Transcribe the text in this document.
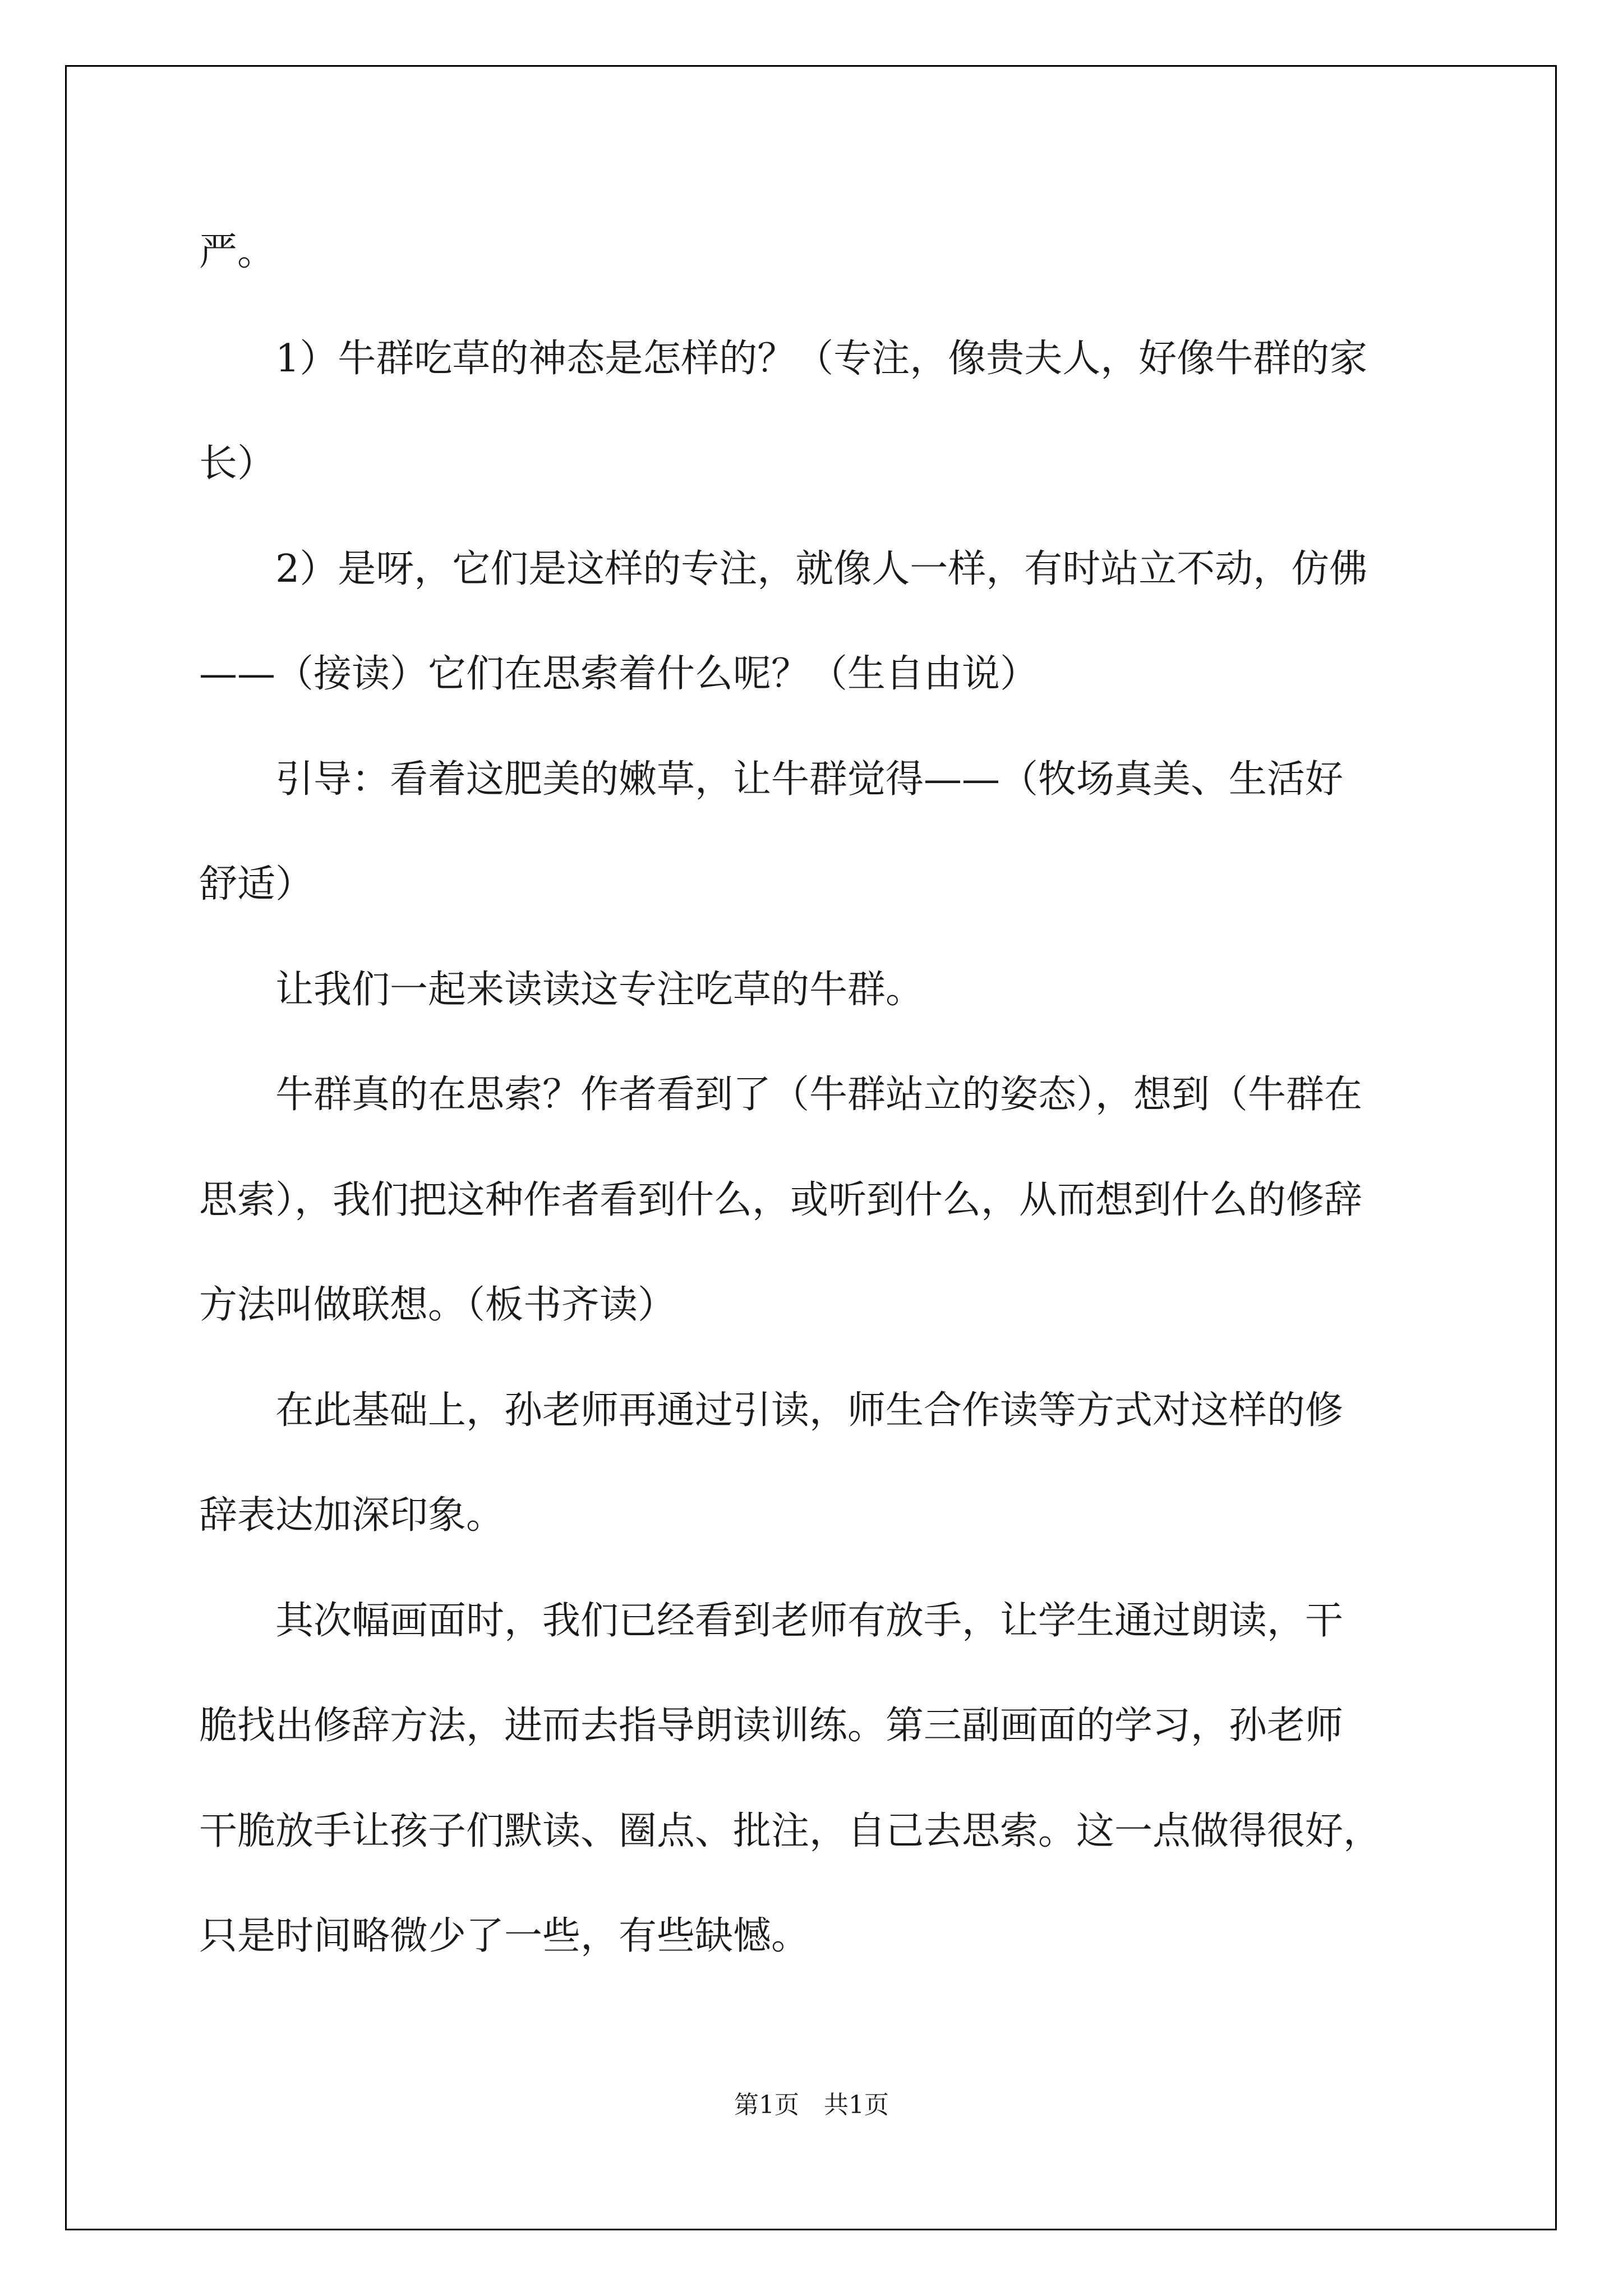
严。
　　1）牛群吃草的神态是怎样的？（专注，像贵夫人，好像牛群的家
长）
　　2）是呀，它们是这样的专注，就像人一样，有时站立不动，仿佛
——（接读）它们在思索着什么呢？（生自由说）
　　引导：看着这肥美的嫩草，让牛群觉得——（牧场真美、生活好
舒适）
　　让我们一起来读读这专注吃草的牛群。
　　牛群真的在思索？作者看到了（牛群站立的姿态），想到（牛群在
思索），我们把这种作者看到什么，或听到什么，从而想到什么的修辞
方法叫做联想。（板书齐读）
　　在此基础上，孙老师再通过引读，师生合作读等方式对这样的修
辞表达加深印象。
　　其次幅画面时，我们已经看到老师有放手，让学生通过朗读，干
脆找出修辞方法，进而去指导朗读训练。第三副画面的学习，孙老师
干脆放手让孩子们默读、圈点、批注，自己去思索。这一点做得很好，
只是时间略微少了一些，有些缺憾。
第1页　共1页
